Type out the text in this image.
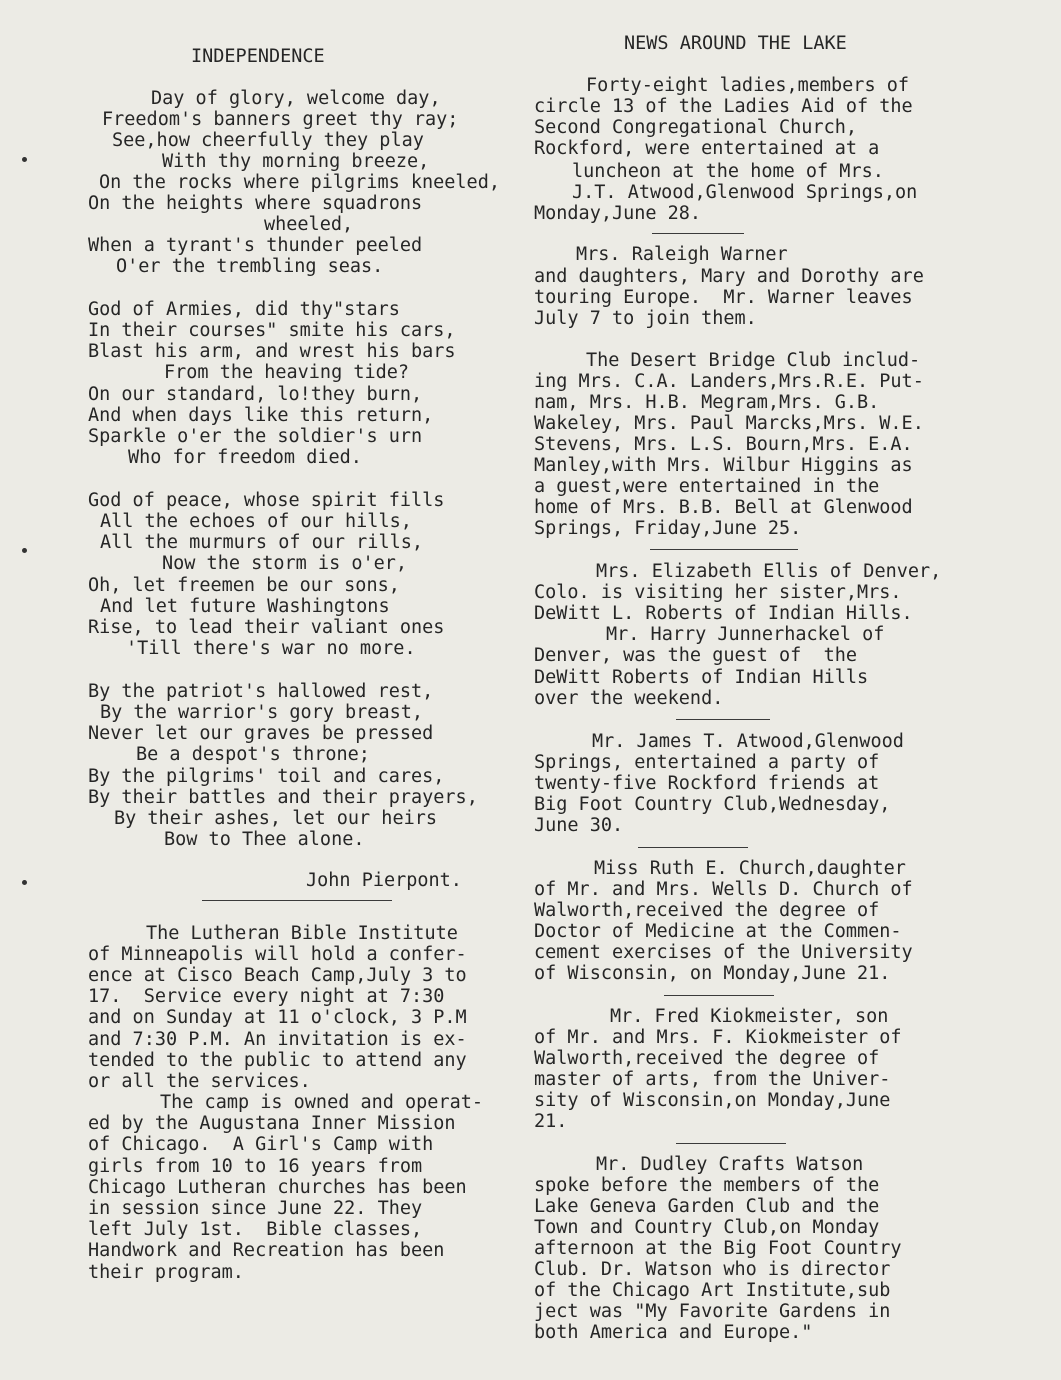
INDEPENDENCE
Day of glory, welcome day,
Freedom's banners greet thy ray;
See,how cheerfully they play
With thy morning breeze,
On the rocks where pilgrims kneeled,
On the heights where squadrons
wheeled,
When a tyrant's thunder peeled
O'er the trembling seas.
God of Armies, did thy"stars
In their courses" smite his cars,
Blast his arm, and wrest his bars
From the heaving tide?
On our standard, lo!they burn,
And when days like this return,
Sparkle o'er the soldier's urn
Who for freedom died.
God of peace, whose spirit fills
All the echoes of our hills,
All the murmurs of our rills,
Now the storm is o'er,
Oh, let freemen be our sons,
And let future Washingtons
Rise, to lead their valiant ones
'Till there's war no more.
By the patriot's hallowed rest,
By the warrior's gory breast,
Never let our graves be pressed
Be a despot's throne;
By the pilgrims' toil and cares,
By their battles and their prayers,
By their ashes, let our heirs
Bow to Thee alone.
John Pierpont.
The Lutheran Bible Institute
of Minneapolis will hold a confer-
ence at Cisco Beach Camp,July 3 to
17.  Service every night at 7:30
and on Sunday at 11 o'clock, 3 P.M
and 7:30 P.M. An invitation is ex-
tended to the public to attend any
or all the services.
The camp is owned and operat-
ed by the Augustana Inner Mission
of Chicago.  A Girl's Camp with
girls from 10 to 16 years from
Chicago Lutheran churches has been
in session since June 22. They
left July 1st.  Bible classes,
Handwork and Recreation has been
their program.
NEWS AROUND THE LAKE
Forty-eight ladies,members of
circle 13 of the Ladies Aid of the
Second Congregational Church,
Rockford, were entertained at a
luncheon at the home of Mrs.
J.T. Atwood,Glenwood Springs,on
Monday,June 28.
Mrs. Raleigh Warner
and daughters, Mary and Dorothy are
touring Europe.  Mr. Warner leaves
July 7 to join them.
The Desert Bridge Club includ-
ing Mrs. C.A. Landers,Mrs.R.E. Put-
nam, Mrs. H.B. Megram,Mrs. G.B.
Wakeley, Mrs. Paul Marcks,Mrs. W.E.
Stevens, Mrs. L.S. Bourn,Mrs. E.A.
Manley,with Mrs. Wilbur Higgins as
a guest,were entertained in the
home of Mrs. B.B. Bell at Glenwood
Springs, Friday,June 25.
Mrs. Elizabeth Ellis of Denver,
Colo. is visiting her sister,Mrs.
DeWitt L. Roberts of Indian Hills.
Mr. Harry Junnerhackel of
Denver, was the guest of  the
DeWitt Roberts of Indian Hills
over the weekend.
Mr. James T. Atwood,Glenwood
Springs, entertained a party of
twenty-five Rockford friends at
Big Foot Country Club,Wednesday,
June 30.
Miss Ruth E. Church,daughter
of Mr. and Mrs. Wells D. Church of
Walworth,received the degree of
Doctor of Medicine at the Commen-
cement exercises of the University
of Wisconsin, on Monday,June 21.
Mr. Fred Kiokmeister, son
of Mr. and Mrs. F. Kiokmeister of
Walworth,received the degree of
master of arts, from the Univer-
sity of Wisconsin,on Monday,June
21.
Mr. Dudley Crafts Watson
spoke before the members of the
Lake Geneva Garden Club and the
Town and Country Club,on Monday
afternoon at the Big Foot Country
Club. Dr. Watson who is director
of the Chicago Art Institute,sub
ject was "My Favorite Gardens in
both America and Europe."
